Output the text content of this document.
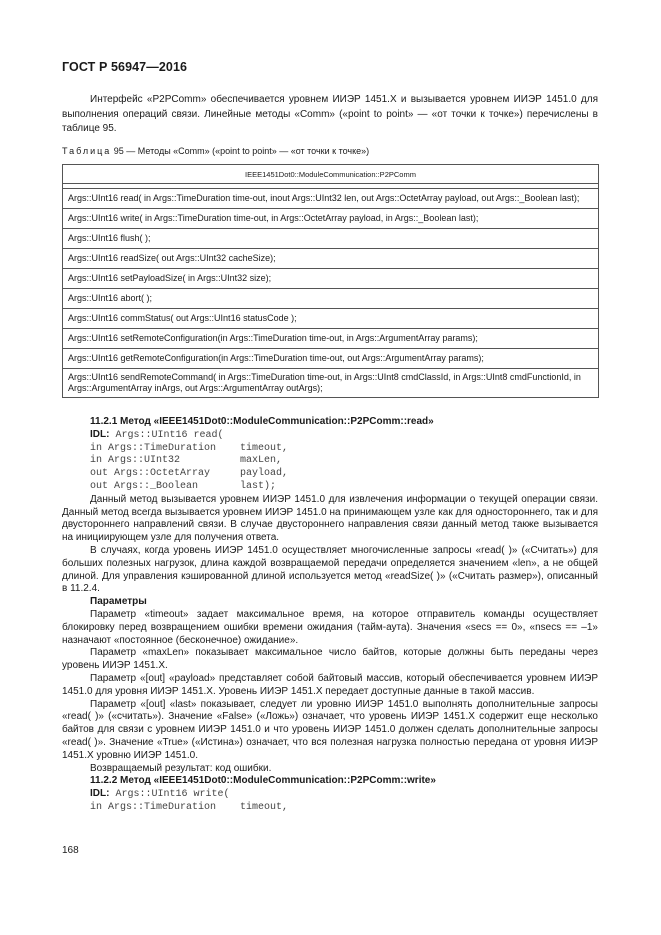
ГОСТ Р 56947—2016

Интерфейс «P2PComm» обеспечивается уровнем ИИЭР 1451.X и вызывается уровнем ИИЭР 1451.0 для выполнения операций связи. Линейные методы «Comm» («point to point» — «от точки к точке») перечислены в таблице 95.

Таблица 95 — Методы «Comm» («point to point» — «от точки к точке»)
IEEE1451Dot0::ModuleCommunication::P2PComm

Args::UInt16 read( in Args::TimeDuration time-out, inout Args::UInt32 len, out Args::OctetArray payload, out Args::_Boolean last);
Args::UInt16 write( in Args::TimeDuration time-out, in Args::OctetArray payload, in Args::_Boolean last);
Args::UInt16 flush( );
Args::UInt16 readSize( out Args::UInt32 cacheSize);
Args::UInt16 setPayloadSize( in Args::UInt32 size);
Args::UInt16 abort( );
Args::UInt16 commStatus( out Args::UInt16 statusCode );
Args::UInt16 setRemoteConfiguration(in Args::TimeDuration time-out, in Args::ArgumentArray params);
Args::UInt16 getRemoteConfiguration(in Args::TimeDuration time-out, out Args::ArgumentArray params);
Args::UInt16 sendRemoteCommand( in Args::TimeDuration time-out, in Args::UInt8 cmdClassId, in Args::UInt8 cmdFunctionId, in Args::ArgumentArray inArgs, out Args::ArgumentArray outArgs);
11.2.1 Метод «IEEE1451Dot0::ModuleCommunication::P2PComm::read»
IDL: Args::UInt16 read(
in Args::TimeDuration timeout,
in Args::UInt32	maxLen,
out Args::OctetArray	payload,
out Args::_Boolean	last);

Данный метод вызывается уровнем ИИЭР 1451.0 для извлечения информации о текущей операции связи. Данный метод всегда вызывается уровнем ИИЭР 1451.0 на принимающем узле как для одностороннего, так и для двустороннего направлений связи. В случае двустороннего направления связи данный метод также вызывается на инициирующем узле для получения ответа.

В случаях, когда уровень ИИЭР 1451.0 осуществляет многочисленные запросы «read( )» («Считать») для больших полезных нагрузок, длина каждой возвращаемой передачи определяется значением «len», а не общей длиной. Для управления кэшированной длиной используется метод «readSize( )» («Считать размер»), описанный в 11.2.4.

Параметры

Параметр «timeout» задает максимальное время, на которое отправитель команды осуществляет блокировку перед возвращением ошибки времени ожидания (тайм-аута). Значения «secs == 0», «nsecs == –1» назначают «постоянное (бесконечное) ожидание».

Параметр «maxLen» показывает максимальное число байтов, которые должны быть переданы через уровень ИИЭР 1451.X.

Параметр «[out] «payload» представляет собой байтовый массив, который обеспечивается уровнем ИИЭР 1451.0 для уровня ИИЭР 1451.X. Уровень ИИЭР 1451.X передает доступные данные в такой массив.

Параметр «[out] «last» показывает, следует ли уровню ИИЭР 1451.0 выполнять дополнительные запросы «read( )» («считать»). Значение «False» («Ложь») означает, что уровень ИИЭР 1451.X содержит еще несколько байтов для связи с уровнем ИИЭР 1451.0 и что уровень ИИЭР 1451.0 должен сделать дополнительные запросы «read( )». Значение «True» («Истина») означает, что вся полезная нагрузка полностью передана от уровня ИИЭР 1451.X уровню ИИЭР 1451.0.

Возвращаемый результат: код ошибки.

11.2.2 Метод «IEEE1451Dot0::ModuleCommunication::P2PComm::write»
IDL: Args::UInt16 write(
in Args::TimeDuration timeout,
168
